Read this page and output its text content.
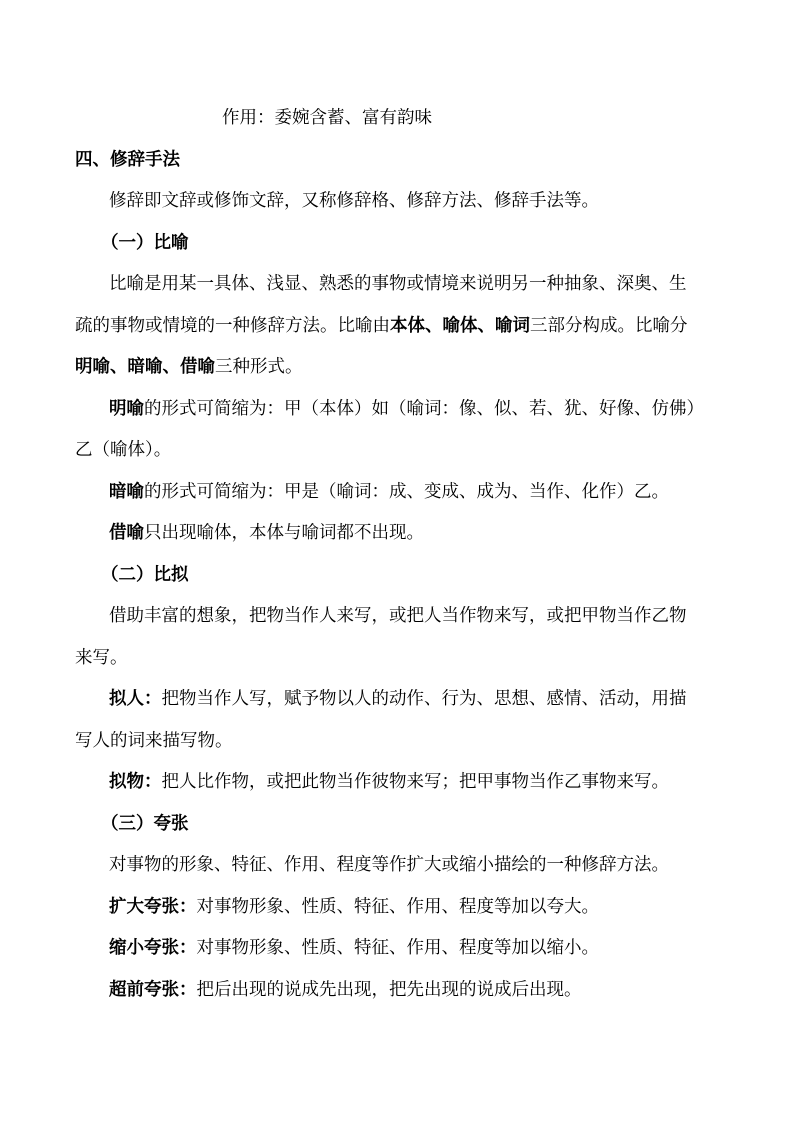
作用：委婉含蓄、富有韵味
四、修辞手法
修辞即文辞或修饰文辞，又称修辞格、修辞方法、修辞手法等。
（一）比喻
比喻是用某一具体、浅显、熟悉的事物或情境来说明另一种抽象、深奥、生
疏的事物或情境的一种修辞方法。比喻由本体、喻体、喻词三部分构成。比喻分
明喻、暗喻、借喻三种形式。
明喻的形式可简缩为：甲（本体）如（喻词：像、似、若、犹、好像、仿佛）
乙（喻体）。
暗喻的形式可简缩为：甲是（喻词：成、变成、成为、当作、化作）乙。
借喻只出现喻体，本体与喻词都不出现。
（二）比拟
借助丰富的想象，把物当作人来写，或把人当作物来写，或把甲物当作乙物
来写。
拟人：把物当作人写，赋予物以人的动作、行为、思想、感情、活动，用描
写人的词来描写物。
拟物：把人比作物，或把此物当作彼物来写；把甲事物当作乙事物来写。
（三）夸张
对事物的形象、特征、作用、程度等作扩大或缩小描绘的一种修辞方法。
扩大夸张：对事物形象、性质、特征、作用、程度等加以夸大。
缩小夸张：对事物形象、性质、特征、作用、程度等加以缩小。
超前夸张：把后出现的说成先出现，把先出现的说成后出现。
